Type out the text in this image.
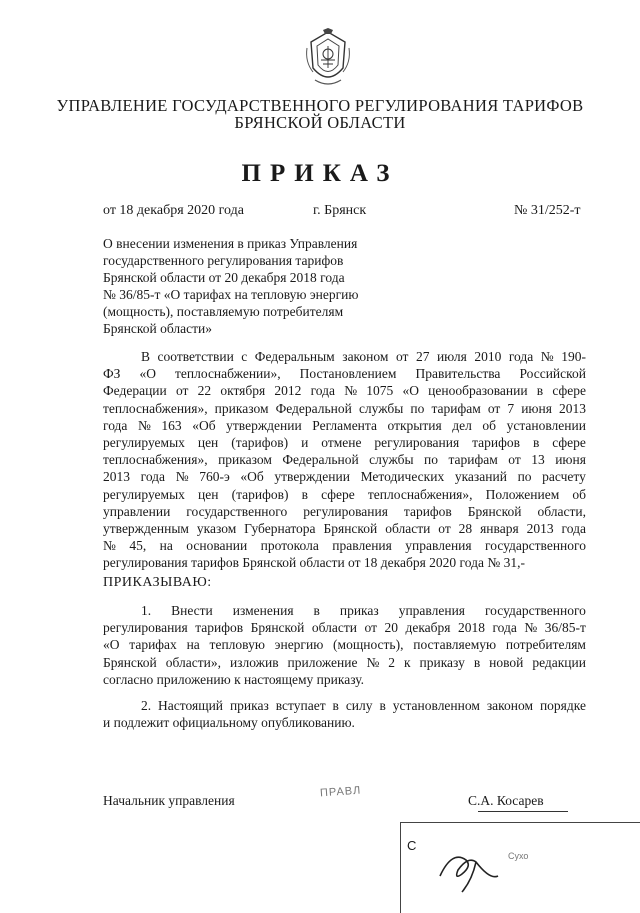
УПРАВЛЕНИЕ ГОСУДАРСТВЕННОГО РЕГУЛИРОВАНИЯ ТАРИФОВ
БРЯНСКОЙ ОБЛАСТИ
ПРИКАЗ
от 18 декабря 2020 года	г. Брянск	№ 31/252-т
О внесении изменения в приказ Управления
государственного регулирования тарифов
Брянской области от 20 декабря 2018 года
№ 36/85-т «О тарифах на тепловую энергию
(мощность), поставляемую потребителям
Брянской области»
В соответствии с Федеральным законом от 27 июля 2010 года № 190-
ФЗ «О теплоснабжении», Постановлением Правительства Российской
Федерации от 22 октября 2012 года № 1075 «О ценообразовании в сфере
теплоснабжения», приказом Федеральной службы по тарифам от 7 июня 2013
года № 163 «Об утверждении Регламента открытия дел об установлении
регулируемых цен (тарифов) и отмене регулирования тарифов в сфере
теплоснабжения», приказом Федеральной службы по тарифам от 13 июня
2013 года № 760-э «Об утверждении Методических указаний по расчету
регулируемых цен (тарифов) в сфере теплоснабжения», Положением об
управлении государственного регулирования тарифов Брянской области,
утвержденным указом Губернатора Брянской области от 28 января 2013 года
№ 45, на основании протокола правления управления государственного
регулирования тарифов Брянской области от 18 декабря 2020 года № 31,-
ПРИКАЗЫВАЮ:
1. Внести изменения в приказ управления государственного
регулирования тарифов Брянской области от 20 декабря 2018 года № 36/85-т
«О тарифах на тепловую энергию (мощность), поставляемую потребителям
Брянской области», изложив приложение № 2 к приказу в новой редакции
согласно приложению к настоящему приказу.
2. Настоящий приказ вступает в силу в установленном законом порядке
и подлежит официальному опубликованию.
Начальник управления	С.А. Косарев
ПРАВЛ
С
Сухо
